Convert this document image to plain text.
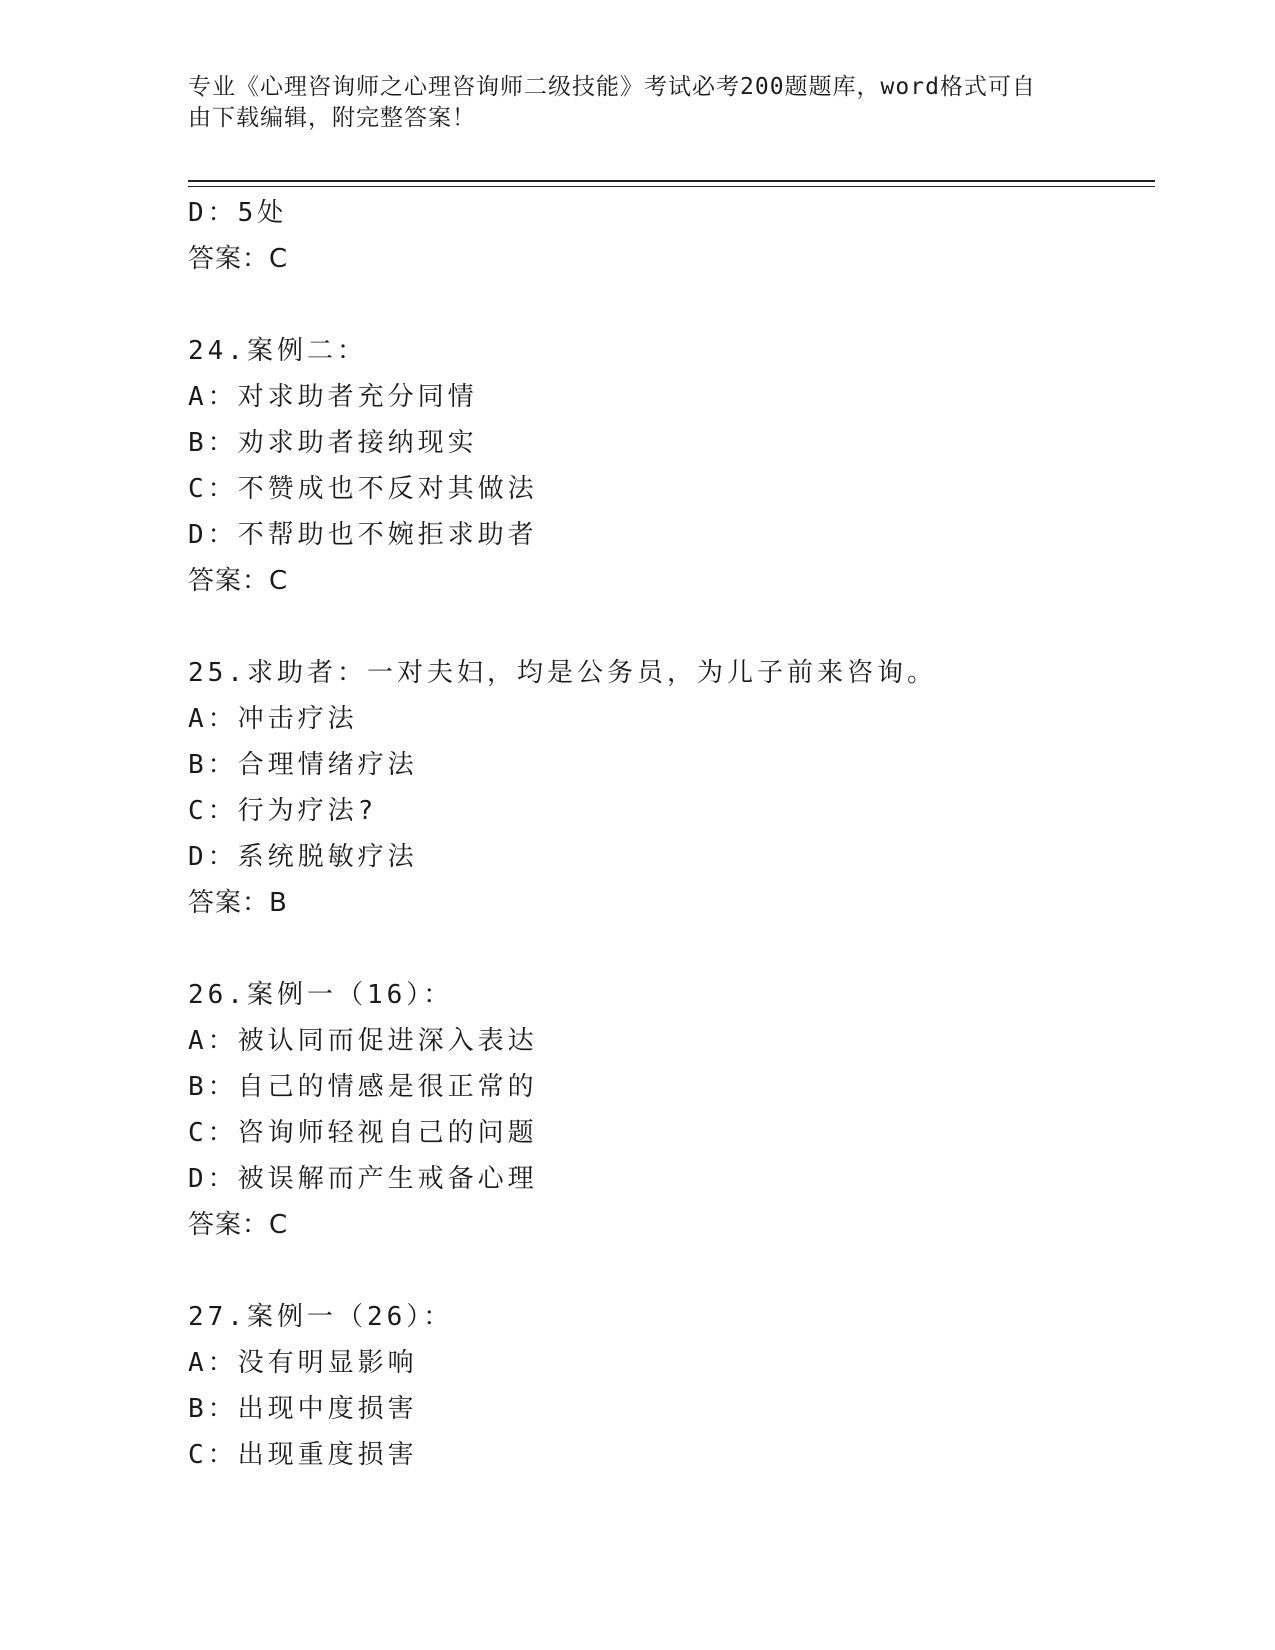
专业《心理咨询师之心理咨询师二级技能》考试必考200题题库，word格式可自
由下载编辑，附完整答案！
D：5处
答案：C
24.案例二：
A：对求助者充分同情
B：劝求助者接纳现实
C：不赞成也不反对其做法
D：不帮助也不婉拒求助者
答案：C
25.求助者：一对夫妇，均是公务员，为儿子前来咨询。
A：冲击疗法
B：合理情绪疗法
C：行为疗法?
D：系统脱敏疗法
答案：B
26.案例一（16）：
A：被认同而促进深入表达
B：自己的情感是很正常的
C：咨询师轻视自己的问题
D：被误解而产生戒备心理
答案：C
27.案例一（26）：
A：没有明显影响
B：出现中度损害
C：出现重度损害
